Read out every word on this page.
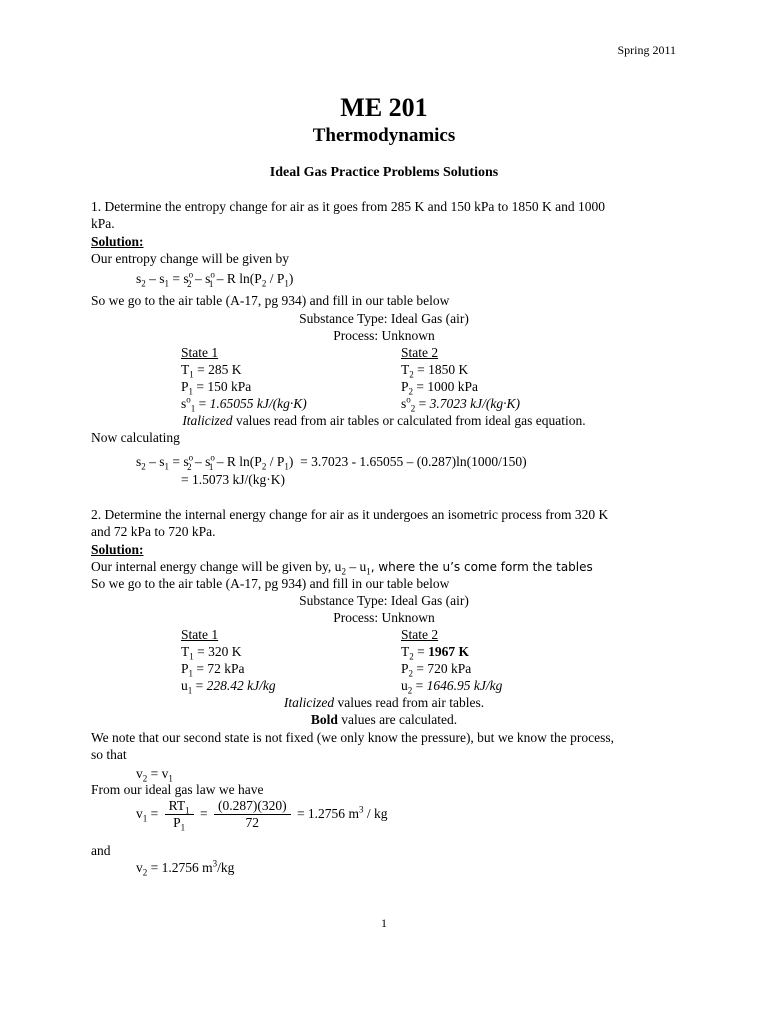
Spring 2011
ME 201
Thermodynamics
Ideal Gas Practice Problems Solutions
1. Determine the entropy change for air as it goes from 285 K and 150 kPa to 1850 K and 1000
kPa.
Solution:
Our entropy change will be given by
$s_2 - s_1 = s^o_2 - s^o_1 - R$ $\ln(P_2 / P_1)$
So we go to the air table (A-17, pg 934) and fill in our table below
Substance Type: Ideal Gas (air)
Process: Unknown
State 1	State 2
$T_1 = 285$ K	$T_2 = 1850$ K
$P_1 = 150$ kPa	$P_2 = 1000$ kPa
$s^o_1 = 1.65055$ kJ/(kg·K)	$s^o_2 = 3.7023$ kJ/(kg·K)
Italicized values read from air tables or calculated from ideal gas equation.
Now calculating
$s_2 - s_1 = s^o_2 - s^o_1 - R$ $\ln(P_2 / P_1) = 3.7023 - 1.65055 - (0.287)\ln(1000/150)$
= 1.5073 kJ/(kg·K)
2. Determine the internal energy change for air as it undergoes an isometric process from 320 K
and 72 kPa to 720 kPa.
Solution:
Our internal energy change will be given by, $u_2 - u_1$, where the u’s come form the tables
So we go to the air table (A-17, pg 934) and fill in our table below
Substance Type: Ideal Gas (air)
Process: Unknown
State 1	State 2
$T_1 = 320$ K	$T_2 = 1967$ K
$P_1 = 72$ kPa	$P_2 = 720$ kPa
$u_1 = 228.42$ kJ/kg	$u_2 = 1646.95$ kJ/kg
Italicized values read from air tables.
Bold values are calculated.
We note that our second state is not fixed (we only know the pressure), but we know the process,
so that
$v_2 = v_1$
From our ideal gas law we have
$v_1 = \frac{RT_1}{P_1} = \frac{(0.287)(320)}{72} = 1.2756$ $m^3$ / kg
and
$v_2 = 1.2756$ $m^3/kg$
1
